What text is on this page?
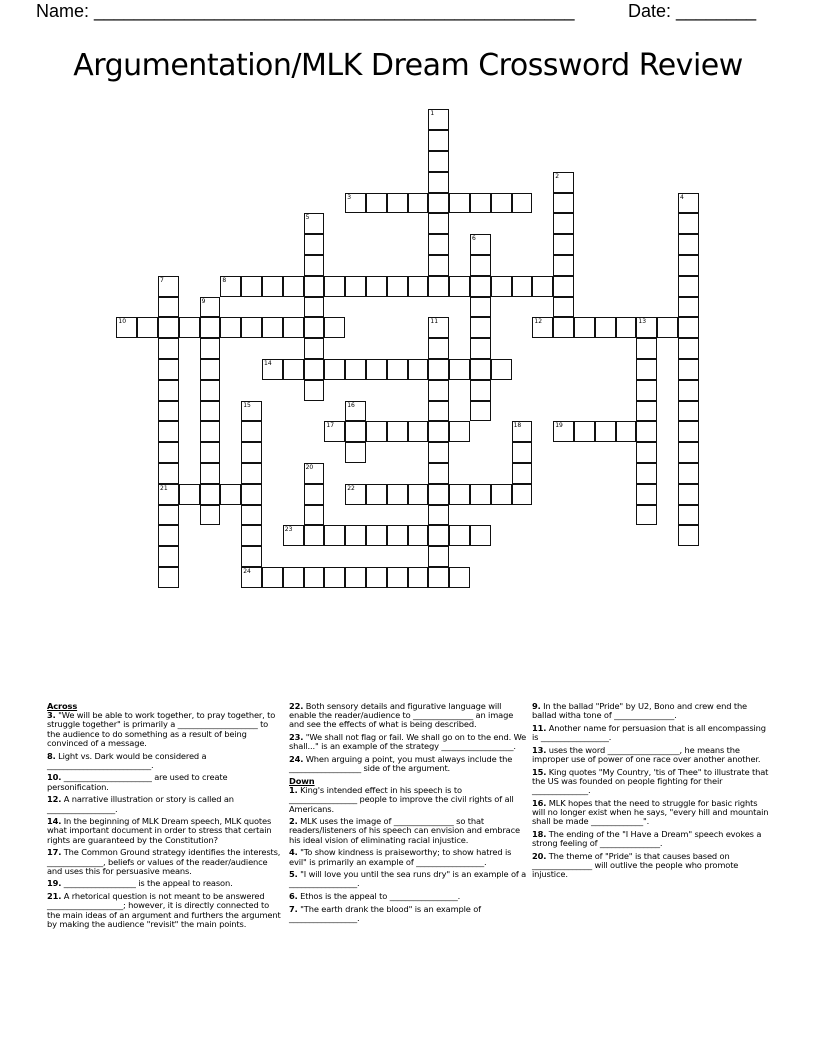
Name: ________________________________________________	Date: ________
Argumentation/MLK Dream Crossword Review
1
2
3	4
5
6
7
21
8
9
10	11	12	13
14
15	16
17	18	19
20
22
23
24
Across
3. "We will be able to work together, to pray together, to struggle together" is primarily a ____________________ to the audience to do something as a result of being convinced of a message.
8. Light vs. Dark would be considered a __________________________.
10. ______________________ are used to create personification.
12. A narrative illustration or story is called an _________________.
14. In the beginning of MLK Dream speech, MLK quotes what important document in order to stress that certain rights are guaranteed by the Constitution?
17. The Common Ground strategy identifies the interests, ______________, beliefs or values of the reader/audience and uses this for persuasive means.
19. __________________ is the appeal to reason.
21. A rhetorical question is not meant to be answered ___________________; however, it is directly connected to the main ideas of an argument and furthers the argument by making the audience "revisit" the main points.
22. Both sensory details and figurative language will enable the reader/audience to _______________ an image and see the effects of what is being described.
23. "We shall not flag or fail. We shall go on to the end. We shall..." is an example of the strategy __________________.
24. When arguing a point, you must always include the __________________ side of the argument.
Down
1. King's intended effect in his speech is to _________________ people to improve the civil rights of all Americans.
2. MLK uses the image of _______________ so that readers/listeners of his speech can envision and embrace his ideal vision of eliminating racial injustice.
4. "To show kindness is praiseworthy; to show hatred is evil" is primarily an example of _________________.
5. "I will love you until the sea runs dry" is an example of a _________________.
6. Ethos is the appeal to _________________.
7. "The earth drank the blood" is an example of _________________.
9. In the ballad "Pride" by U2, Bono and crew end the ballad witha tone of _______________.
11. Another name for persuasion that is all encompassing is _________________.
13. uses the word __________________, he means the improper use of power of one race over another another.
15. King quotes "My Country, 'tis of Thee" to illustrate that the US was founded on people fighting for their ______________.
16. MLK hopes that the need to struggle for basic rights will no longer exist when he says, "every hill and mountain shall be made _____________".
18. The ending of the "I Have a Dream" speech evokes a strong feeling of _______________.
20. The theme of "Pride" is that causes based on _______________ will outlive the people who promote injustice.
